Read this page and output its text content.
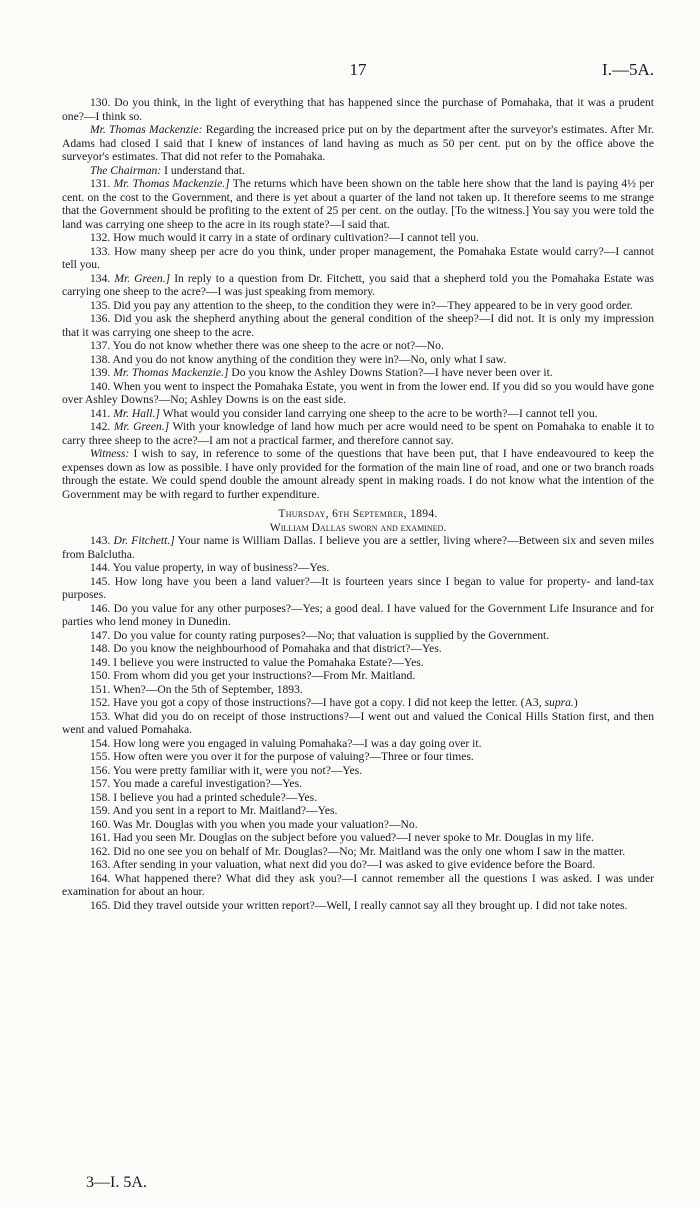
17	I.—5A.

130. Do you think, in the light of everything that has happened since the purchase of Pomahaka, that it was a prudent one?—I think so.

Mr. Thomas Mackenzie: Regarding the increased price put on by the department after the surveyor's estimates. After Mr. Adams had closed I said that I knew of instances of land having as much as 50 per cent. put on by the office above the surveyor's estimates. That did not refer to the Pomahaka.

The Chairman: I understand that.

131. Mr. Thomas Mackenzie.] The returns which have been shown on the table here show that the land is paying 4½ per cent. on the cost to the Government, and there is yet about a quarter of the land not taken up. It therefore seems to me strange that the Government should be profiting to the extent of 25 per cent. on the outlay. [To the witness.] You say you were told the land was carrying one sheep to the acre in its rough state?—I said that.

132. How much would it carry in a state of ordinary cultivation?—I cannot tell you.

133. How many sheep per acre do you think, under proper management, the Pomahaka Estate would carry?—I cannot tell you.

134. Mr. Green.] In reply to a question from Dr. Fitchett, you said that a shepherd told you the Pomahaka Estate was carrying one sheep to the acre?—I was just speaking from memory.

135. Did you pay any attention to the sheep, to the condition they were in?—They appeared to be in very good order.

136. Did you ask the shepherd anything about the general condition of the sheep?—I did not. It is only my impression that it was carrying one sheep to the acre.

137. You do not know whether there was one sheep to the acre or not?—No.

138. And you do not know anything of the condition they were in?—No, only what I saw.

139. Mr. Thomas Mackenzie.] Do you know the Ashley Downs Station?—I have never been over it.

140. When you went to inspect the Pomahaka Estate, you went in from the lower end. If you did so you would have gone over Ashley Downs?—No; Ashley Downs is on the east side.

141. Mr. Hall.] What would you consider land carrying one sheep to the acre to be worth?—I cannot tell you.

142. Mr. Green.] With your knowledge of land how much per acre would need to be spent on Pomahaka to enable it to carry three sheep to the acre?—I am not a practical farmer, and therefore cannot say.

Witness: I wish to say, in reference to some of the questions that have been put, that I have endeavoured to keep the expenses down as low as possible. I have only provided for the formation of the main line of road, and one or two branch roads through the estate. We could spend double the amount already spent in making roads. I do not know what the intention of the Government may be with regard to further expenditure.

Thursday, 6th September, 1894.

William Dallas sworn and examined.

143. Dr. Fitchett.] Your name is William Dallas. I believe you are a settler, living where?—Between six and seven miles from Balclutha.

144. You value property, in way of business?—Yes.

145. How long have you been a land valuer?—It is fourteen years since I began to value for property- and land-tax purposes.

146. Do you value for any other purposes?—Yes; a good deal. I have valued for the Government Life Insurance and for parties who lend money in Dunedin.

147. Do you value for county rating purposes?—No; that valuation is supplied by the Government.

148. Do you know the neighbourhood of Pomahaka and that district?—Yes.

149. I believe you were instructed to value the Pomahaka Estate?—Yes.

150. From whom did you get your instructions?—From Mr. Maitland.

151. When?—On the 5th of September, 1893.

152. Have you got a copy of those instructions?—I have got a copy. I did not keep the letter. (A3, supra.)

153. What did you do on receipt of those instructions?—I went out and valued the Conical Hills Station first, and then went and valued Pomahaka.

154. How long were you engaged in valuing Pomahaka?—I was a day going over it.

155. How often were you over it for the purpose of valuing?—Three or four times.

156. You were pretty familiar with it, were you not?—Yes.

157. You made a careful investigation?—Yes.

158. I believe you had a printed schedule?—Yes.

159. And you sent in a report to Mr. Maitland?—Yes.

160. Was Mr. Douglas with you when you made your valuation?—No.

161. Had you seen Mr. Douglas on the subject before you valued?—I never spoke to Mr. Douglas in my life.

162. Did no one see you on behalf of Mr. Douglas?—No; Mr. Maitland was the only one whom I saw in the matter.

163. After sending in your valuation, what next did you do?—I was asked to give evidence before the Board.

164. What happened there? What did they ask you?—I cannot remember all the questions I was asked. I was under examination for about an hour.

165. Did they travel outside your written report?—Well, I really cannot say all they brought up. I did not take notes.

3—I. 5A.
